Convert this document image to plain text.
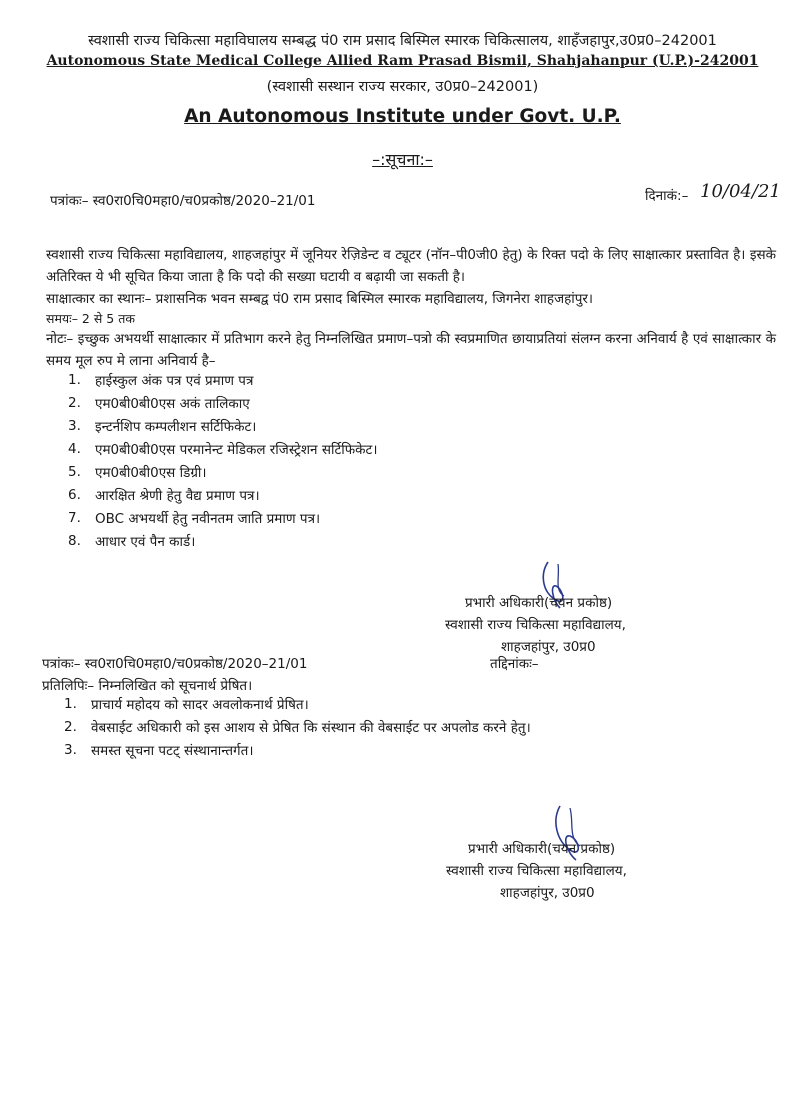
स्वशासी राज्य चिकित्सा महाविघालय सम्बद्ध पं0 राम प्रसाद बिस्मिल स्मारक चिकित्सालय, शाहँजहापुर,उ0प्र0–242001
Autonomous State Medical College Allied Ram Prasad Bismil, Shahjahanpur (U.P.)-242001
(स्वशासी सस्थान राज्य सरकार, उ0प्र0–242001)
An Autonomous Institute under Govt. U.P.
–:सूचना:–
पत्रांकः– स्व0रा0चि0महा0/च0प्रकोष्ठ/2020–21/01	दिनाकं:– 10/04/21
स्वशासी राज्य चिकित्सा महाविद्यालय, शाहजहांपुर में जूनियर रेज़िडेन्ट व ट्यूटर (नॉन–पी0जी0 हेतु) के रिक्त पदो के लिए साक्षात्कार प्रस्तावित है। इसके अतिरिक्त ये भी सूचित किया जाता है कि पदो की सख्या घटायी व बढ़ायी जा सकती है।
साक्षात्कार का स्थानः– प्रशासनिक भवन सम्बद्व पं0 राम प्रसाद बिस्मिल स्मारक महाविद्यालय, जिगनेरा शाहजहांपुर।
समयः– 2 से 5 तक
नोटः– इच्छुक अभयर्थी साक्षात्कार में प्रतिभाग करने हेतु निम्नलिखित प्रमाण–पत्रो की स्वप्रमाणित छायाप्रतियां संलग्न करना अनिवार्य है एवं साक्षात्कार के समय मूल रुप मे लाना अनिवार्य है–
1.	हाईस्कुल अंक पत्र एवं प्रमाण पत्र
2.	एम0बी0बी0एस अकं तालिकाए
3.	इन्टर्नशिप कम्पलीशन सर्टिफिकेट।
4.	एम0बी0बी0एस परमानेन्ट मेडिकल रजिस्ट्रेशन सर्टिफिकेट।
5.	एम0बी0बी0एस डिग्री।
6.	आरक्षित श्रेणी हेतु वैद्य प्रमाण पत्र।
7.	OBC अभयर्थी हेतु नवीनतम जाति प्रमाण पत्र।
8.	आधार एवं पैन कार्ड।
प्रभारी अधिकारी(चयन प्रकोष्ठ)
स्वशासी राज्य चिकित्सा महाविद्यालय,
शाहजहांपुर, उ0प्र0
पत्रांकः– स्व0रा0चि0महा0/च0प्रकोष्ठ/2020–21/01	तद्दिनांकः–
प्रतिलिपिः– निम्नलिखित को सूचनार्थ प्रेषित।
1.	प्राचार्य महोदय को सादर अवलोकनार्थ प्रेषित।
2.	वेबसाईट अधिकारी को इस आशय से प्रेषित कि संस्थान की वेबसाईट पर अपलोड करने हेतु।
3.	समस्त सूचना पटट् संस्थानान्तर्गत।
प्रभारी अधिकारी(चयन प्रकोष्ठ)
स्वशासी राज्य चिकित्सा महाविद्यालय,
शाहजहांपुर, उ0प्र0
